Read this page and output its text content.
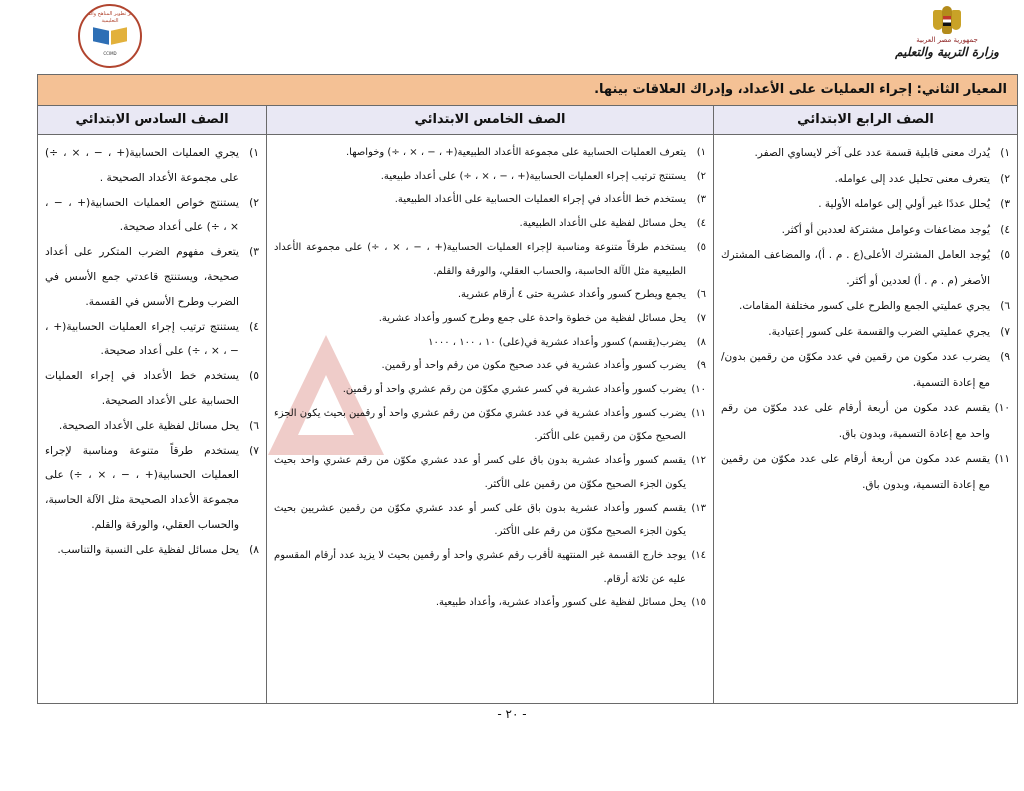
جمهورية مصر العربية
وزارة التربية والتعليم
مركز تطوير المناهج والمواد التعليمية
CCIMD
المعيار الثاني: إجراء العمليات على الأعداد، وإدراك العلاقات بينها.
الصف الرابع الابتدائي
الصف الخامس الابتدائي
الصف السادس الابتدائي
١)
يُدرك معنى قابلية قسمة عدد على آخر لايساوي الصفر.
٢)
يتعرف معنى تحليل عدد إلى عوامله.
٣)
يُحلل عددًا غير أولي إلى عوامله الأولية .
٤)
يُوجد مضاعفات وعوامل مشتركة لعددين أو أكثر.
٥)
يُوجد العامل المشترك الأعلى(ع . م . أ)، والمضاعف المشترك الأصغر (م . م . أ) لعددين أو أكثر.
٦)
يجري عمليتي الجمع والطرح على كسور مختلفة المقامات.
٧)
يجري عمليتي الضرب والقسمة على كسور إعتيادية.
٩)
يضرب عدد مكون من رقمين في عدد مكوّن من رقمين بدون/مع إعادة التسمية.
١٠)
يقسم عدد مكون من أربعة أرقام على عدد مكوّن من رقم واحد مع إعادة التسمية، وبدون باق.
١١)
يقسم عدد مكون من أربعة أرقام على عدد مكوّن من رقمين مع إعادة التسمية، وبدون باق.
١)
يتعرف العمليات الحسابية على مجموعة الأعداد الطبيعية(+ ، − ، × ، ÷) وخواصها.
٢)
يستنتج ترتيب إجراء العمليات الحسابية(+ ، − ، × ، ÷) على أعداد طبيعية.
٣)
يستخدم خط الأعداد في إجراء العمليات الحسابية على الأعداد الطبيعية.
٤)
يحل مسائل لفظية على الأعداد الطبيعية.
٥)
يستخدم طرقاً متنوعة ومناسبة لإجراء العمليات الحسابية(+ ، − ، × ، ÷) على مجموعة الأعداد الطبيعية مثل الآلة الحاسبة، والحساب العقلي، والورقة والقلم.
٦)
يجمع ويطرح كسور وأعداد عشرية حتى ٤ أرقام عشرية.
٧)
يحل مسائل لفظية من خطوة واحدة على جمع وطرح كسور وأعداد عشرية.
٨)
يضرب(يقسم) كسور وأعداد عشرية في(على) ١٠ ، ١٠٠ ، ١٠٠٠
٩)
يضرب كسور وأعداد عشرية في عدد صحيح مكون من رقم واحد أو رقمين.
١٠)
يضرب كسور وأعداد عشرية في كسر عشري مكوّن من رقم عشري واحد أو رقمين.
١١)
يضرب كسور وأعداد عشرية في عدد عشري مكوّن من رقم عشري واحد أو رقمين بحيث يكون الجزء الصحيح مكوّن من رقمين على الأكثر.
١٢)
يقسم كسور وأعداد عشرية بدون باق على كسر أو عدد عشري مكوّن من رقم عشري واحد بحيث يكون الجزء الصحيح مكوّن من رقمين على الأكثر.
١٣)
يقسم كسور وأعداد عشرية بدون باق على كسر أو عدد عشري مكوّن من رقمين عشريين بحيث يكون الجزء الصحيح مكوّن من رقم على الأكثر.
١٤)
يوجد خارج القسمة غير المنتهية لأقرب رقم عشري واحد أو رقمين بحيث لا يزيد عدد أرقام المقسوم عليه عن ثلاثة أرقام.
١٥)
يحل مسائل لفظية على كسور وأعداد عشرية، وأعداد طبيعية.
١)
يجري العمليات الحسابية(+ ، − ، × ، ÷) على مجموعة الأعداد الصحيحة .
٢)
يستنتج خواص العمليات الحسابية(+ ، − ، × ، ÷) على أعداد صحيحة.
٣)
يتعرف مفهوم الضرب المتكرر على أعداد صحيحة، ويستنتج قاعدتي جمع الأسس في الضرب وطرح الأسس في القسمة.
٤)
يستنتج ترتيب إجراء العمليات الحسابية(+ ، − ، × ، ÷) على أعداد صحيحة.
٥)
يستخدم خط الأعداد في إجراء العمليات الحسابية على الأعداد الصحيحة.
٦)
يحل مسائل لفظية على الأعداد الصحيحة.
٧)
يستخدم طرقاً متنوعة ومناسبة لإجراء العمليات الحسابية(+ ، − ، × ، ÷) على مجموعة الأعداد الصحيحة مثل الآلة الحاسبة، والحساب العقلي، والورقة والقلم.
٨)
يحل مسائل لفظية على النسبة والتناسب.
- ٢٠ -
